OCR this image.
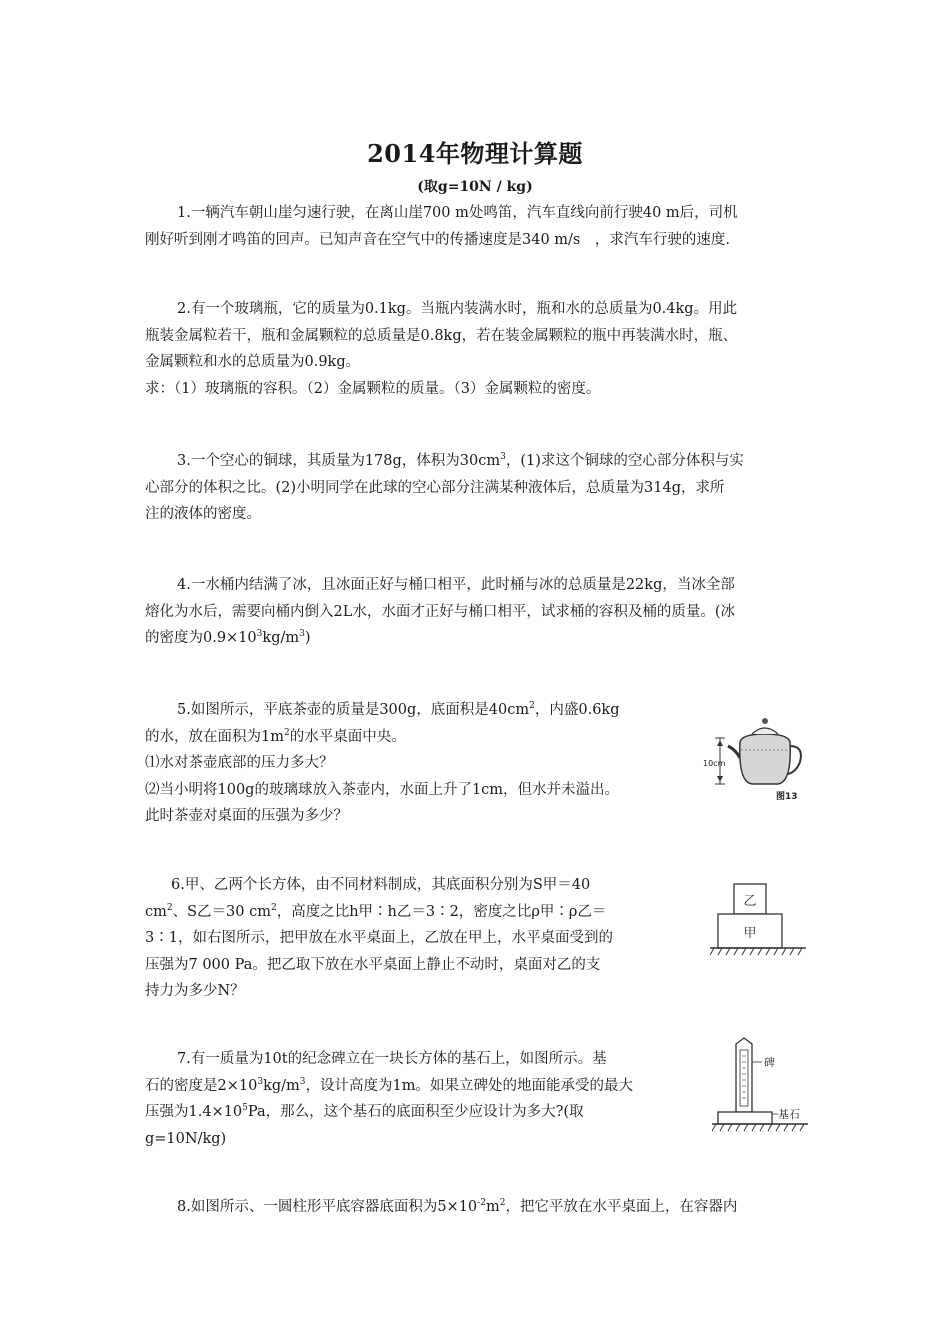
2014年物理计算题
(取g=10N / kg)
1.一辆汽车朝山崖匀速行驶，在离山崖700 m处鸣笛，汽车直线向前行驶40 m后，司机
刚好听到刚才鸣笛的回声。已知声音在空气中的传播速度是340 m/s　，求汽车行驶的速度.
2.有一个玻璃瓶，它的质量为0.1kg。当瓶内装满水时，瓶和水的总质量为0.4kg。用此
瓶装金属粒若干，瓶和金属颗粒的总质量是0.8kg，若在装金属颗粒的瓶中再装满水时，瓶、
金属颗粒和水的总质量为0.9kg。
求：（1）玻璃瓶的容积。（2）金属颗粒的质量。（3）金属颗粒的密度。
3.一个空心的铜球，其质量为178g，体积为$30cm^3$，(1)求这个铜球的空心部分体积与实
心部分的体积之比。(2)小明同学在此球的空心部分注满某种液体后，总质量为314g，求所
注的液体的密度。
4.一水桶内结满了冰，且冰面正好与桶口相平，此时桶与冰的总质量是22kg，当冰全部
熔化为水后，需要向桶内倒入2L水，水面才正好与桶口相平，试求桶的容积及桶的质量。(冰
的密度为$0.9\times 10^3kg/m^3$)
5.如图所示，平底茶壶的质量是300g，底面积是$40cm^2$，内盛0.6kg
的水，放在面积为$1m^2$的水平桌面中央。
⑴水对茶壶底部的压力多大？
⑵当小明将100g的玻璃球放入茶壶内，水面上升了1cm，但水并未溢出。
此时茶壶对桌面的压强为多少？
10cm
图13
6.甲、乙两个长方体，由不同材料制成，其底面积分别为S甲＝40
$cm^2$、S乙＝30 $cm^2$，高度之比h甲∶h乙＝3∶2，密度之比ρ甲∶ρ乙＝
3∶1，如右图所示，把甲放在水平桌面上，乙放在甲上，水平桌面受到的
压强为7 000 Pa。把乙取下放在水平桌面上静止不动时，桌面对乙的支
持力为多少N？
乙
甲
7.有一质量为10t的纪念碑立在一块长方体的基石上，如图所示。基
石的密度是$2\times 10^3kg/m^3$，设计高度为1m。如果立碑处的地面能承受的最大
压强为$1.4\times 10^5Pa$，那么，这个基石的底面积至少应设计为多大?(取
g=10N/kg)
碑
基石
8.如图所示、一圆柱形平底容器底面积为$5\times 10^{-2}m^2$，把它平放在水平桌面上，在容器内
